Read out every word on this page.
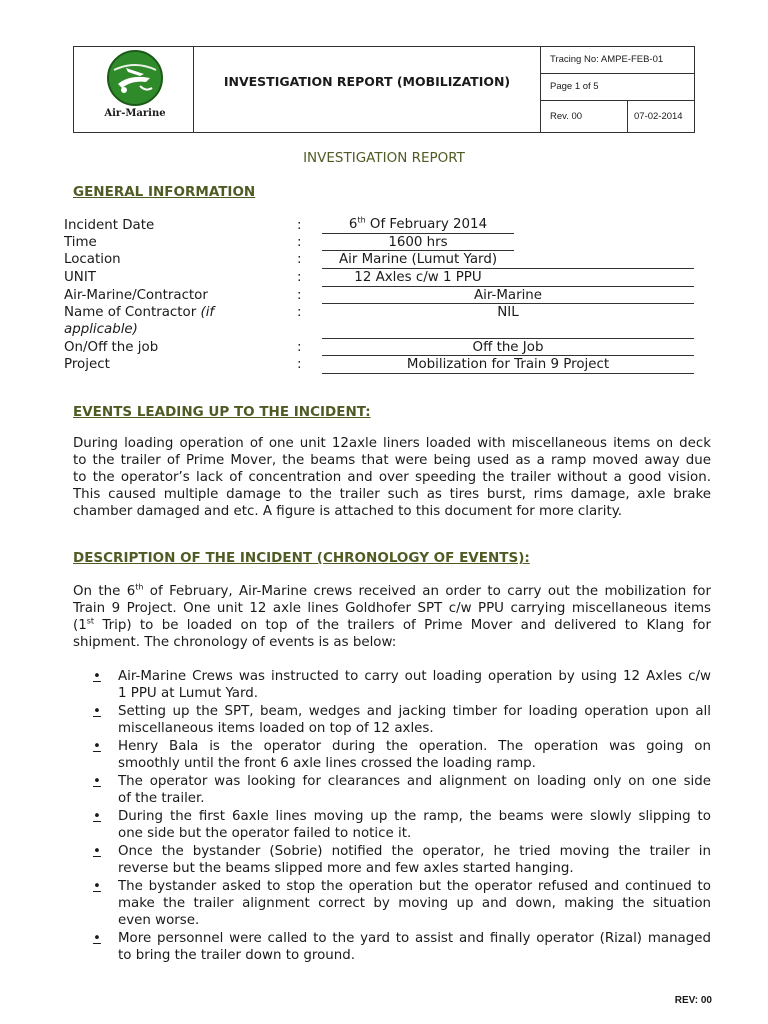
Air-Marine
INVESTIGATION REPORT (MOBILIZATION)
Tracing No: AMPE-FEB-01
Page 1 of 5
Rev. 00	07-02-2014
INVESTIGATION REPORT
GENERAL INFORMATION
Incident Date	:	6th Of February 2014
Time	:	1600 hrs
Location	:	Air Marine (Lumut Yard)
UNIT	:	12 Axles c/w 1 PPU
Air-Marine/Contractor	:	Air-Marine
Name of Contractor (if
applicable)
:	NIL
On/Off the job	:	Off the Job
Project	:	Mobilization for Train 9 Project
EVENTS LEADING UP TO THE INCIDENT:
During loading operation of one unit 12axle liners loaded with miscellaneous items on deck
to the trailer of Prime Mover, the beams that were being used as a ramp moved away due
to the operator’s lack of concentration and over speeding the trailer without a good vision.
This caused multiple damage to the trailer such as tires burst, rims damage, axle brake
chamber damaged and etc. A figure is attached to this document for more clarity.
DESCRIPTION OF THE INCIDENT (CHRONOLOGY OF EVENTS):
On the 6th of February, Air-Marine crews received an order to carry out the mobilization for
Train 9 Project. One unit 12 axle lines Goldhofer SPT c/w PPU carrying miscellaneous items
(1st Trip) to be loaded on top of the trailers of Prime Mover and delivered to Klang for
shipment. The chronology of events is as below:
•	Air-Marine Crews was instructed to carry out loading operation by using 12 Axles c/w
1 PPU at Lumut Yard.
•	Setting up the SPT, beam, wedges and jacking timber for loading operation upon all
miscellaneous items loaded on top of 12 axles.
•	Henry Bala is the operator during the operation. The operation was going on
smoothly until the front 6 axle lines crossed the loading ramp.
•	The operator was looking for clearances and alignment on loading only on one side
of the trailer.
•	During the first 6axle lines moving up the ramp, the beams were slowly slipping to
one side but the operator failed to notice it.
•	Once the bystander (Sobrie) notified the operator, he tried moving the trailer in
reverse but the beams slipped more and few axles started hanging.
•	The bystander asked to stop the operation but the operator refused and continued to
make the trailer alignment correct by moving up and down, making the situation
even worse.
•	More personnel were called to the yard to assist and finally operator (Rizal) managed
to bring the trailer down to ground.
REV: 00
